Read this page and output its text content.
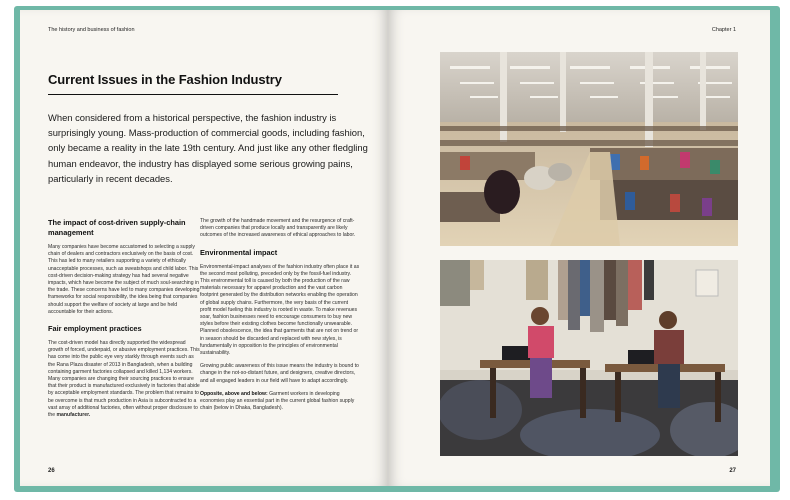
The history and business of fashion
Current Issues in the Fashion Industry

When considered from a historical perspective, the fashion industry is surprisingly young. Mass-production of commercial goods, including fashion, only became a reality in the late 19th century. And just like any other fledgling human endeavor, the industry has displayed some serious growing pains, particularly in recent decades.

The impact of cost-driven supply-chain management

Many companies have become accustomed to selecting a supply chain of dealers and contractors exclusively on the basis of cost. This has led to many retailers supporting a variety of ethically unacceptable processes, such as sweatshops and child labor. This cost-driven decision-making strategy has had several negative impacts, which have become the subject of much soul-searching in the trade. These concerns have led to many companies developing frameworks for social responsibility, the idea being that companies should support the welfare of society at large and be held accountable for their actions.

Fair employment practices

The cost-driven model has directly supported the widespread growth of forced, underpaid, or abusive employment practices. This has come into the public eye very starkly through events such as the Rana Plaza disaster of 2013 in Bangladesh, when a building containing garment factories collapsed and killed 1,134 workers. Many companies are changing their sourcing practices to ensure that their product is manufactured exclusively in factories that abide by acceptable employment standards. The problem that remains to be overcome is that much production in Asia is subcontracted to a vast array of additional factories, often without proper disclosure to the manufacturer.

The growth of the handmade movement and the resurgence of craft-driven companies that produce locally and transparently are likely outcomes of the increased awareness of ethical approaches to labor.

Environmental impact

Environmental-impact analyses of the fashion industry often place it as the second most polluting, preceded only by the fossil-fuel industry. This environmental toll is caused by both the production of the raw materials necessary for apparel production and the vast carbon footprint generated by the distribution networks enabling the operation of global supply chains. Furthermore, the very basis of the current profit model fueling this industry is rooted in waste. To make revenues soar, fashion businesses need to encourage consumers to buy new styles before their existing clothes become functionally unwearable. Planned obsolescence, the idea that garments that are not on trend or in season should be discarded and replaced with new styles, is fundamentally in opposition to the principles of environmental sustainability.

Growing public awareness of this issue means the industry is bound to change in the not-so-distant future, and designers, creative directors, and all engaged leaders in our field will have to adapt accordingly.

Opposite, above and below: Garment workers in developing economies play an essential part in the current global fashion supply chain (below in Dhaka, Bangladesh).

26
Chapter 1
27
